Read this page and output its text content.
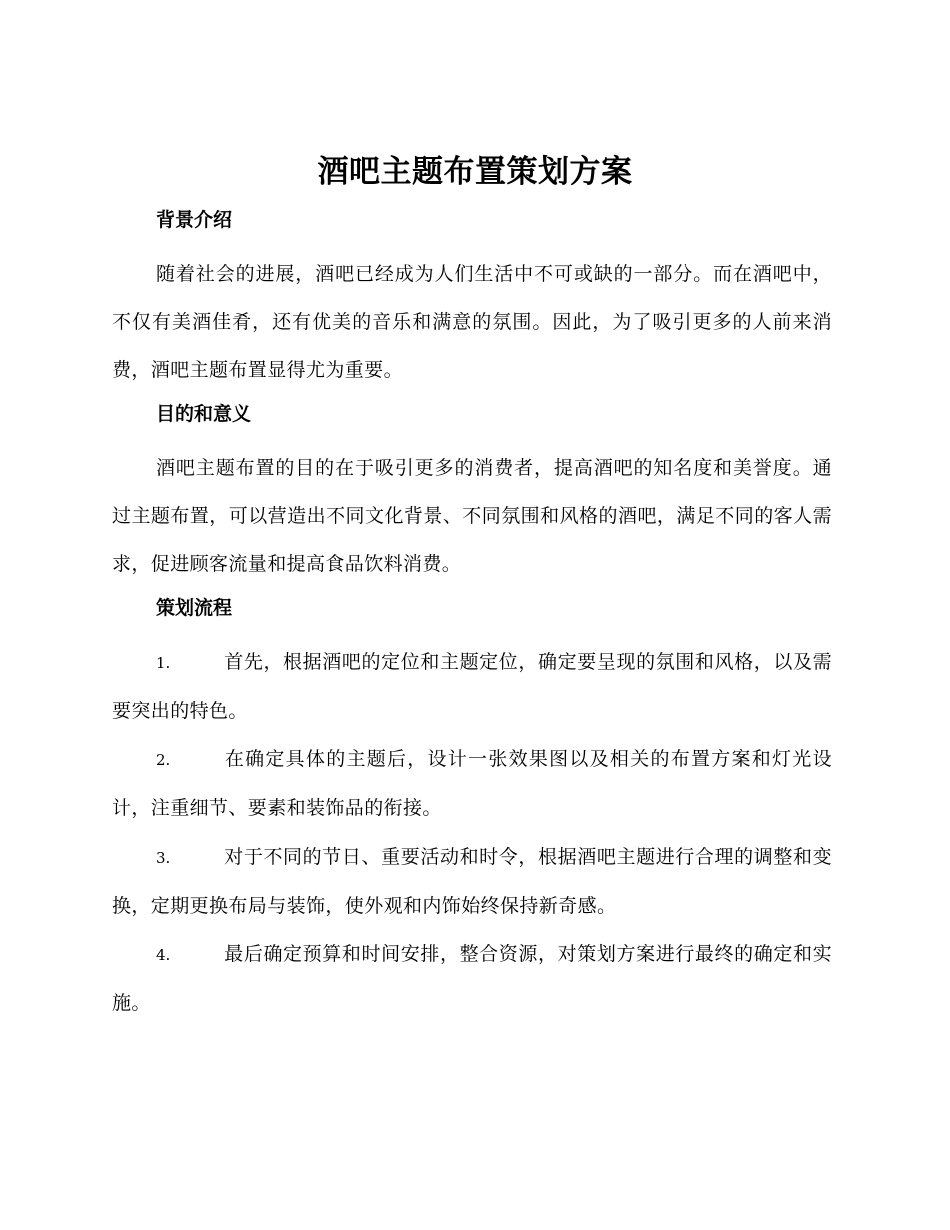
酒吧主题布置策划方案
背景介绍
随着社会的进展，酒吧已经成为人们生活中不可或缺的一部分。而在酒吧中，不仅有美酒佳肴，还有优美的音乐和满意的氛围。因此，为了吸引更多的人前来消费，酒吧主题布置显得尤为重要。
目的和意义
酒吧主题布置的目的在于吸引更多的消费者，提高酒吧的知名度和美誉度。通过主题布置，可以营造出不同文化背景、不同氛围和风格的酒吧，满足不同的客人需求，促进顾客流量和提高食品饮料消费。
策划流程
1.	首先，根据酒吧的定位和主题定位，确定要呈现的氛围和风格，以及需要突出的特色。
2.	在确定具体的主题后，设计一张效果图以及相关的布置方案和灯光设计，注重细节、要素和装饰品的衔接。
3.	对于不同的节日、重要活动和时令，根据酒吧主题进行合理的调整和变换，定期更换布局与装饰，使外观和内饰始终保持新奇感。
4.	最后确定预算和时间安排，整合资源，对策划方案进行最终的确定和实施。
